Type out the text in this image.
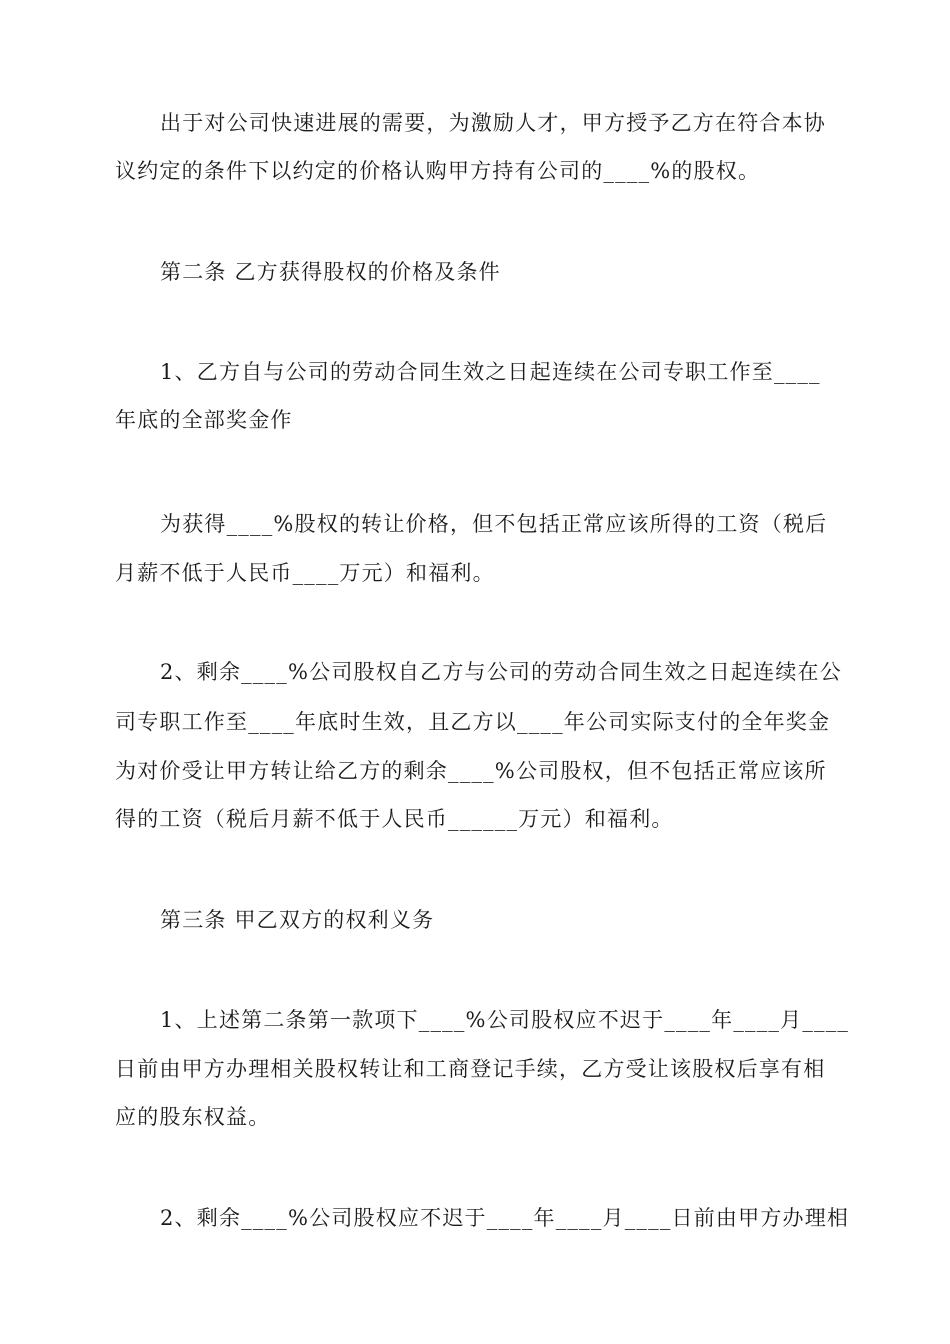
出于对公司快速进展的需要，为激励人才，甲方授予乙方在符合本协
议约定的条件下以约定的价格认购甲方持有公司的____%的股权。
第二条 乙方获得股权的价格及条件
1、乙方自与公司的劳动合同生效之日起连续在公司专职工作至____
年底的全部奖金作
为获得____%股权的转让价格，但不包括正常应该所得的工资（税后
月薪不低于人民币____万元）和福利。
2、剩余____%公司股权自乙方与公司的劳动合同生效之日起连续在公
司专职工作至____年底时生效，且乙方以____年公司实际支付的全年奖金
为对价受让甲方转让给乙方的剩余____%公司股权，但不包括正常应该所
得的工资（税后月薪不低于人民币______万元）和福利。
第三条 甲乙双方的权利义务
1、上述第二条第一款项下____%公司股权应不迟于____年____月____
日前由甲方办理相关股权转让和工商登记手续，乙方受让该股权后享有相
应的股东权益。
2、剩余____%公司股权应不迟于____年____月____日前由甲方办理相
